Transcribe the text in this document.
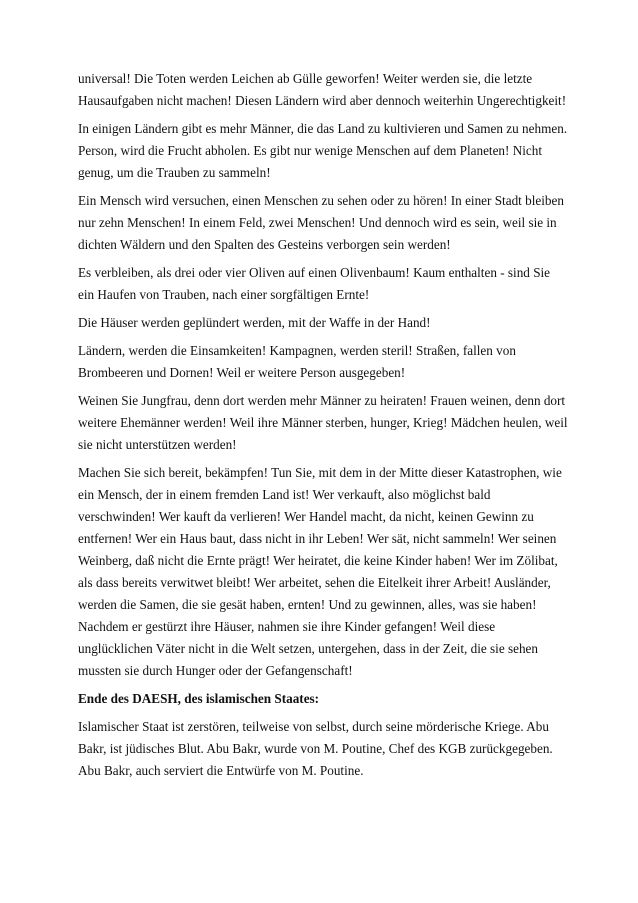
universal! Die Toten werden Leichen ab Gülle geworfen! Weiter werden sie, die letzte Hausaufgaben nicht machen! Diesen Ländern wird aber dennoch weiterhin Ungerechtigkeit!

In einigen Ländern gibt es mehr Männer, die das Land zu kultivieren und Samen zu nehmen. Person, wird die Frucht abholen. Es gibt nur wenige Menschen auf dem Planeten! Nicht genug, um die Trauben zu sammeln!

Ein Mensch wird versuchen, einen Menschen zu sehen oder zu hören! In einer Stadt bleiben nur zehn Menschen! In einem Feld, zwei Menschen! Und dennoch wird es sein, weil sie in dichten Wäldern und den Spalten des Gesteins verborgen sein werden!

Es verbleiben, als drei oder vier Oliven auf einen Olivenbaum! Kaum enthalten - sind Sie ein Haufen von Trauben, nach einer sorgfältigen Ernte!

Die Häuser werden geplündert werden, mit der Waffe in der Hand!

Ländern, werden die Einsamkeiten! Kampagnen, werden steril! Straßen, fallen von Brombeeren und Dornen! Weil er weitere Person ausgegeben!

Weinen Sie Jungfrau, denn dort werden mehr Männer zu heiraten! Frauen weinen, denn dort weitere Ehemänner werden! Weil ihre Männer sterben, hunger, Krieg! Mädchen heulen, weil sie nicht unterstützen werden!

Machen Sie sich bereit, bekämpfen! Tun Sie, mit dem in der Mitte dieser Katastrophen, wie ein Mensch, der in einem fremden Land ist! Wer verkauft, also möglichst bald verschwinden! Wer kauft da verlieren! Wer Handel macht, da nicht, keinen Gewinn zu entfernen! Wer ein Haus baut, dass nicht in ihr Leben! Wer sät, nicht sammeln! Wer seinen Weinberg, daß nicht die Ernte prägt! Wer heiratet, die keine Kinder haben! Wer im Zölibat, als dass bereits verwitwet bleibt! Wer arbeitet, sehen die Eitelkeit ihrer Arbeit! Ausländer, werden die Samen, die sie gesät haben, ernten! Und zu gewinnen, alles, was sie haben! Nachdem er gestürzt ihre Häuser, nahmen sie ihre Kinder gefangen! Weil diese unglücklichen Väter nicht in die Welt setzen, untergehen, dass in der Zeit, die sie sehen mussten sie durch Hunger oder der Gefangenschaft!

Ende des DAESH, des islamischen Staates:

Islamischer Staat ist zerstören, teilweise von selbst, durch seine mörderische Kriege. Abu Bakr, ist jüdisches Blut. Abu Bakr, wurde von M. Poutine, Chef des KGB zurückgegeben. Abu Bakr, auch serviert die Entwürfe von M. Poutine.
